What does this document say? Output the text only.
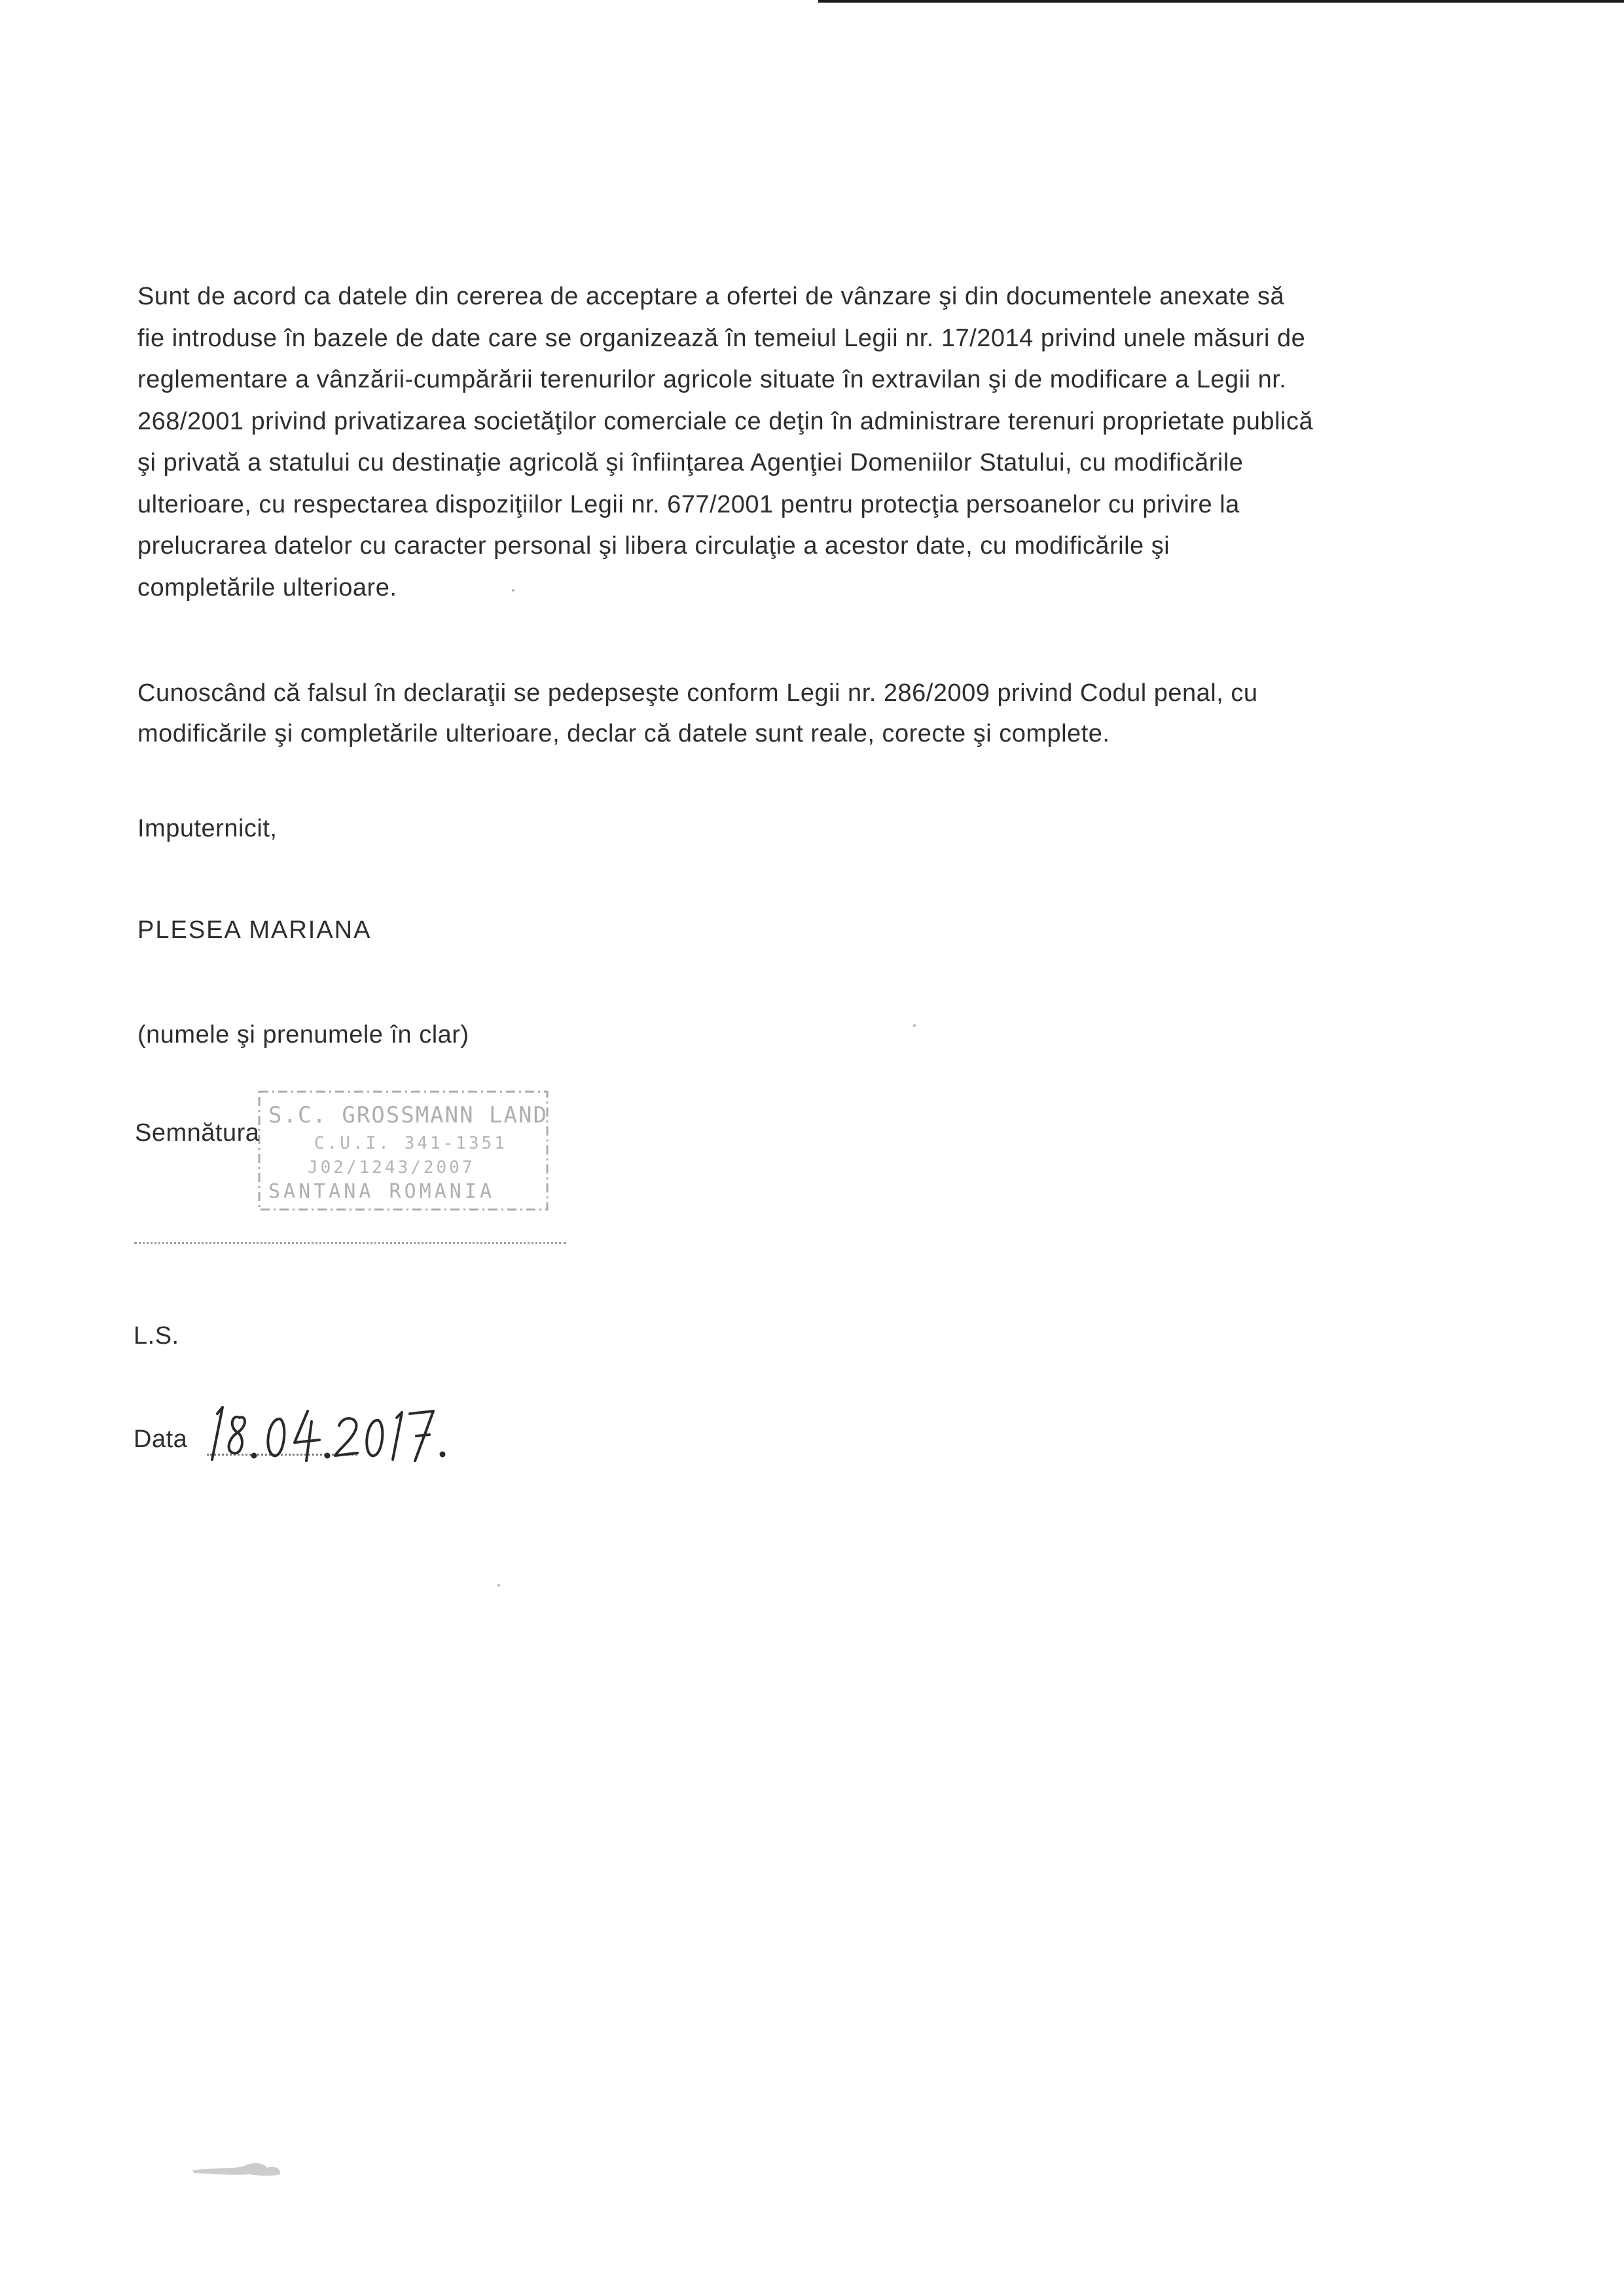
Sunt de acord ca datele din cererea de acceptare a ofertei de vânzare şi din documentele anexate să

fie introduse în bazele de date care se organizează în temeiul Legii nr. 17/2014 privind unele măsuri de

reglementare a vânzării-cumpărării terenurilor agricole situate în extravilan şi de modificare a Legii nr.

268/2001 privind privatizarea societăţilor comerciale ce deţin în administrare terenuri proprietate publică

şi privată a statului cu destinaţie agricolă şi înfiinţarea Agenţiei Domeniilor Statului, cu modificările

ulterioare, cu respectarea dispoziţiilor Legii nr. 677/2001 pentru protecţia persoanelor cu privire la

prelucrarea datelor cu caracter personal şi libera circulaţie a acestor date, cu modificările şi

completările ulterioare.

Cunoscând că falsul în declaraţii se pedepseşte conform Legii nr. 286/2009 privind Codul penal, cu

modificările şi completările ulterioare, declar că datele sunt reale, corecte şi complete.

Imputernicit,
PLESEA MARIANA
(numele şi prenumele în clar)
Semnătura
S.C. GROSSMANN LAND
C.U.I. 341-1351
J02/1243/2007
SANTANA ROMANIA
L.S.
Data
